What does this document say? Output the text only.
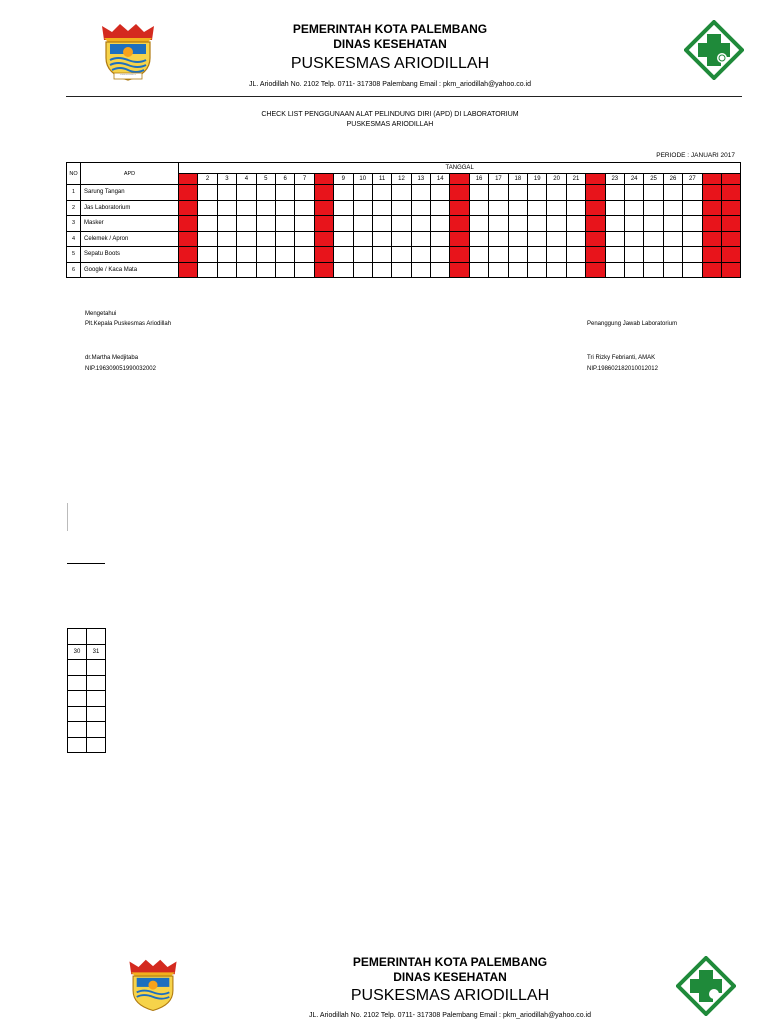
PALEMBANG DARUSSALAM
PEMERINTAH KOTA PALEMBANG
DINAS KESEHATAN
PUSKESMAS ARIODILLAH
JL. Ariodillah No. 2102 Telp. 0711- 317308 Palembang Email : pkm_ariodillah@yahoo.co.id
CHECK LIST PENGGUNAAN ALAT PELINDUNG DIRI (APD) DI LABORATORIUM
PUSKESMAS ARIODILLAH
PERIODE : JANUARI 2017
NO	APD	TANGGAL																												
		1	2	3	4	5	6	7	8	9	10	11	12	13	14	15	16	17	18	19	20	21	22	23	24	25	26	27	28	29
1	Sarung Tangan																													
2	Jas Laboratorium																													
3	Masker																													
4	Celemek / Apron																													
5	Sepatu Boots																													
6	Google / Kaca Mata																													
Mengetahui
Plt.Kepala Puskesmas Ariodillah	Penanggung Jawab Laboratorium
dr.Martha Medjitaba	Tri Rizky Febrianti, AMAK
NIP.196309051990032002	NIP.198602182010012012

30	31

PEMERINTAH KOTA PALEMBANG
DINAS KESEHATAN
PUSKESMAS ARIODILLAH
JL. Ariodillah No. 2102 Telp. 0711- 317308 Palembang Email : pkm_ariodillah@yahoo.co.id
